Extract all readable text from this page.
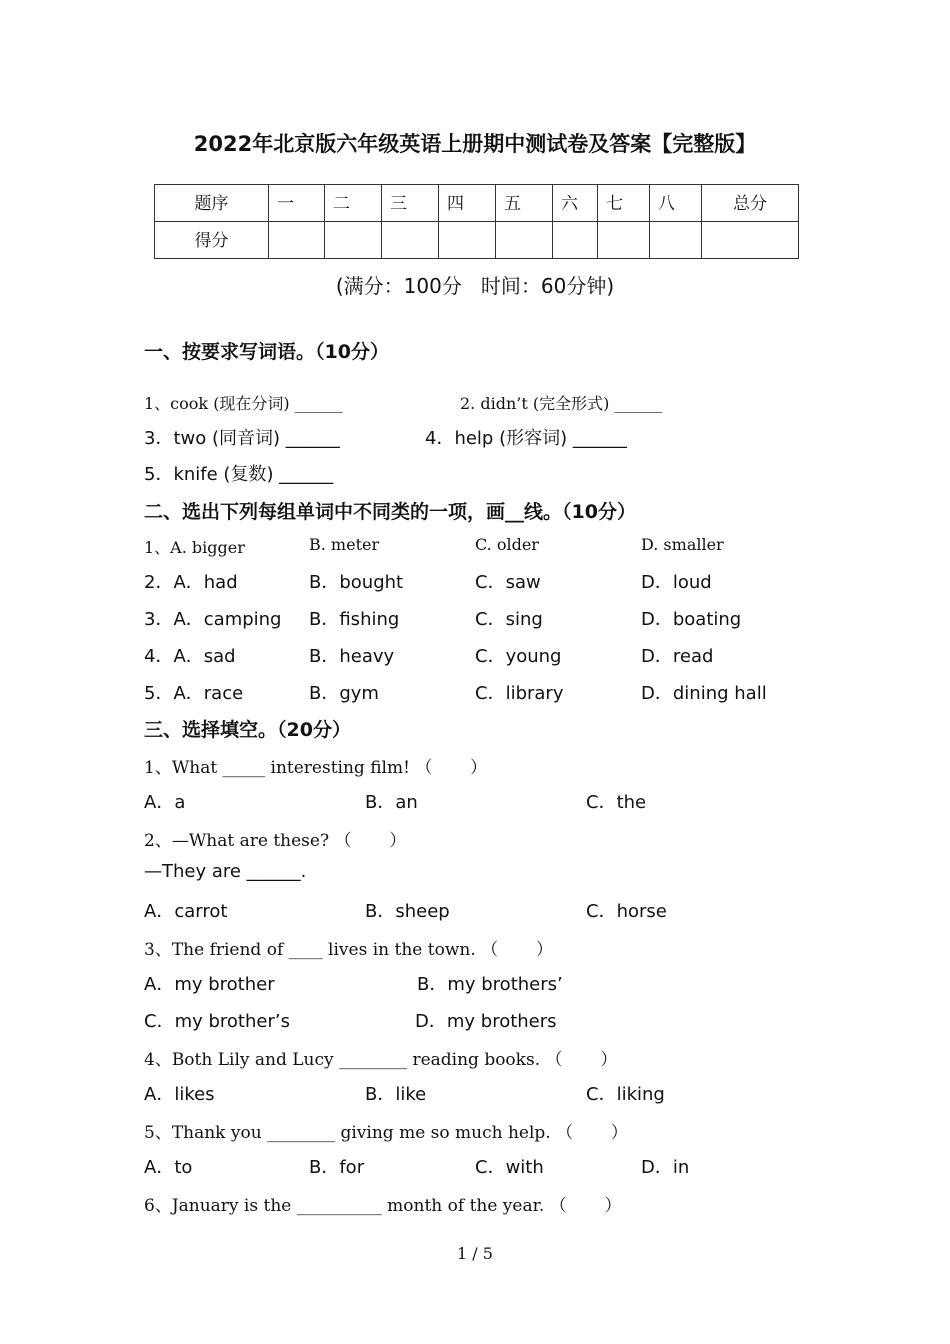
2022年北京版六年级英语上册期中测试卷及答案【完整版】
题序	一	二	三	四	五	六	七	八	总分

得分									

(满分：100分   时间：60分钟)
一、按要求写词语。（10分）
1、cook (现在分词) ______	2. didn’t (完全形式) ______
3．two (同音词) ______	4．help (形容词) ______
5．knife (复数) ______
二、选出下列每组单词中不同类的一项，画__线。（10分）
1、A. bigger	B. meter	C. older	D. smaller
2．A．had	B．bought	C．saw	D．loud
3．A．camping B．fishing	C．sing	D．boating
4．A．sad	B．heavy	C．young	D．read
5．A．race	B．gym	C．library	D．dining hall
三、选择填空。（20分）
1、What _____ interesting film! （       ）
A．a	B．an	C．the
2、—What are these? （       ）
—They are ______.
A．carrot	B．sheep	C．horse
3、The friend of ____ lives in the town. （       ）
A．my brother	B．my brothers’
C．my brother’s	D．my brothers
4、Both Lily and Lucy ________ reading books. （       ）
A．likes	B．like	C．liking
5、Thank you ________ giving me so much help. （       ）
A．to	B．for	C．with	D．in
6、January is the __________ month of the year. （       ）
1 / 5
